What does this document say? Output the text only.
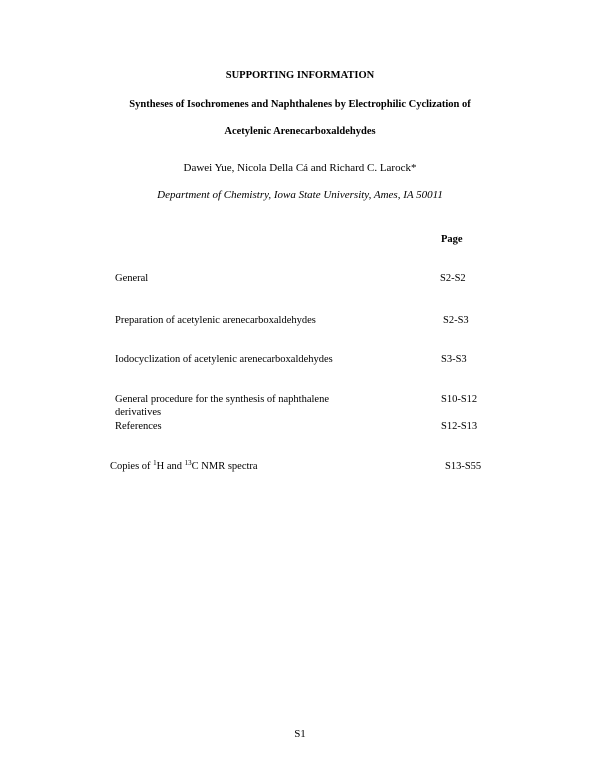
SUPPORTING INFORMATION
Syntheses of Isochromenes and Naphthalenes by Electrophilic Cyclization of
Acetylenic Arenecarboxaldehydes
Dawei Yue, Nicola Della Cá and Richard C. Larock*
Department of Chemistry, Iowa State University, Ames, IA 50011
Page
General	S2-S2
Preparation of acetylenic arenecarboxaldehydes	S2-S3
Iodocyclization of acetylenic arenecarboxaldehydes	S3-S3
General procedure for the synthesis of naphthalene
derivatives
S10-S12
References	S12-S13
Copies of $^1$H and $^{13}$C NMR spectra	S13-S55
S1
